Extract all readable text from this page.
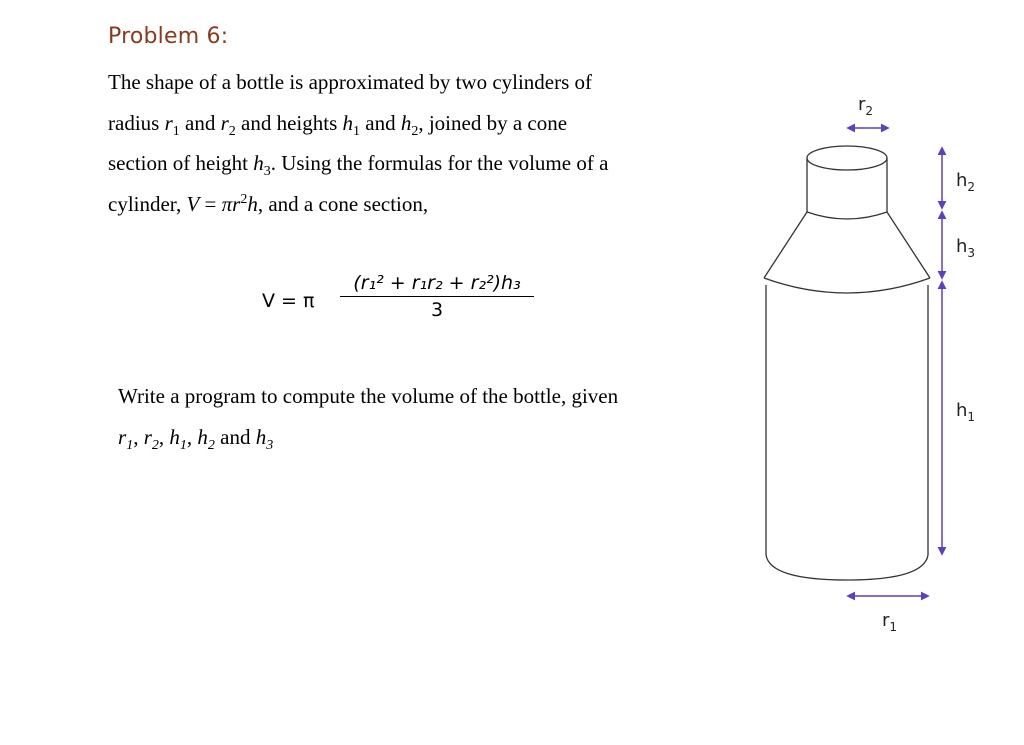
Problem 6:
The shape of a bottle is approximated by two cylinders of
radius $r_1$ and $r_2$ and heights $h_1$ and $h_2$, joined by a cone
section of height $h_3$. Using the formulas for the volume of a
cylinder, $V = \pi r^2h$, and a cone section,
V = π
(r₁² + r₁r₂ + r₂²)h₃
3
Write a program to compute the volume of the bottle, given
$r_1$, $r_2$, $h_1$, $h_2$ and $h_3$
$r_2$
$h_2$
$h_3$
$h_1$
$r_1$
